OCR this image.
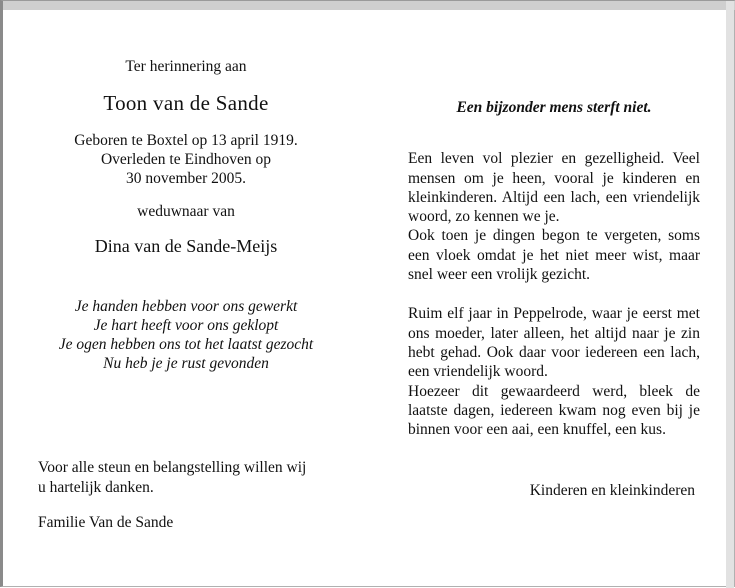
Ter herinnering aan

Toon van de Sande

Geboren te Boxtel op 13 april 1919.
Overleden te Eindhoven op
30 november 2005.

weduwnaar van

Dina van de Sande-Meijs

Je handen hebben voor ons gewerkt
Je hart heeft voor ons geklopt
Je ogen hebben ons tot het laatst gezocht
Nu heb je je rust gevonden

Voor alle steun en belangstelling willen wij
u hartelijk danken.

Familie Van de Sande

Een bijzonder mens sterft niet.

Een leven vol plezier en gezelligheid. Veel mensen om je heen, vooral je kinderen en kleinkinderen. Altijd een lach, een vriendelijk woord, zo kennen we je.

Ook toen je dingen begon te vergeten, soms een vloek omdat je het niet meer wist, maar snel weer een vrolijk gezicht.

Ruim elf jaar in Peppelrode, waar je eerst met ons moeder, later alleen, het altijd naar je zin hebt gehad. Ook daar voor iedereen een lach, een vriendelijk woord.

Hoezeer dit gewaardeerd werd, bleek de laatste dagen, iedereen kwam nog even bij je binnen voor een aai, een knuffel, een kus.

Kinderen en kleinkinderen
